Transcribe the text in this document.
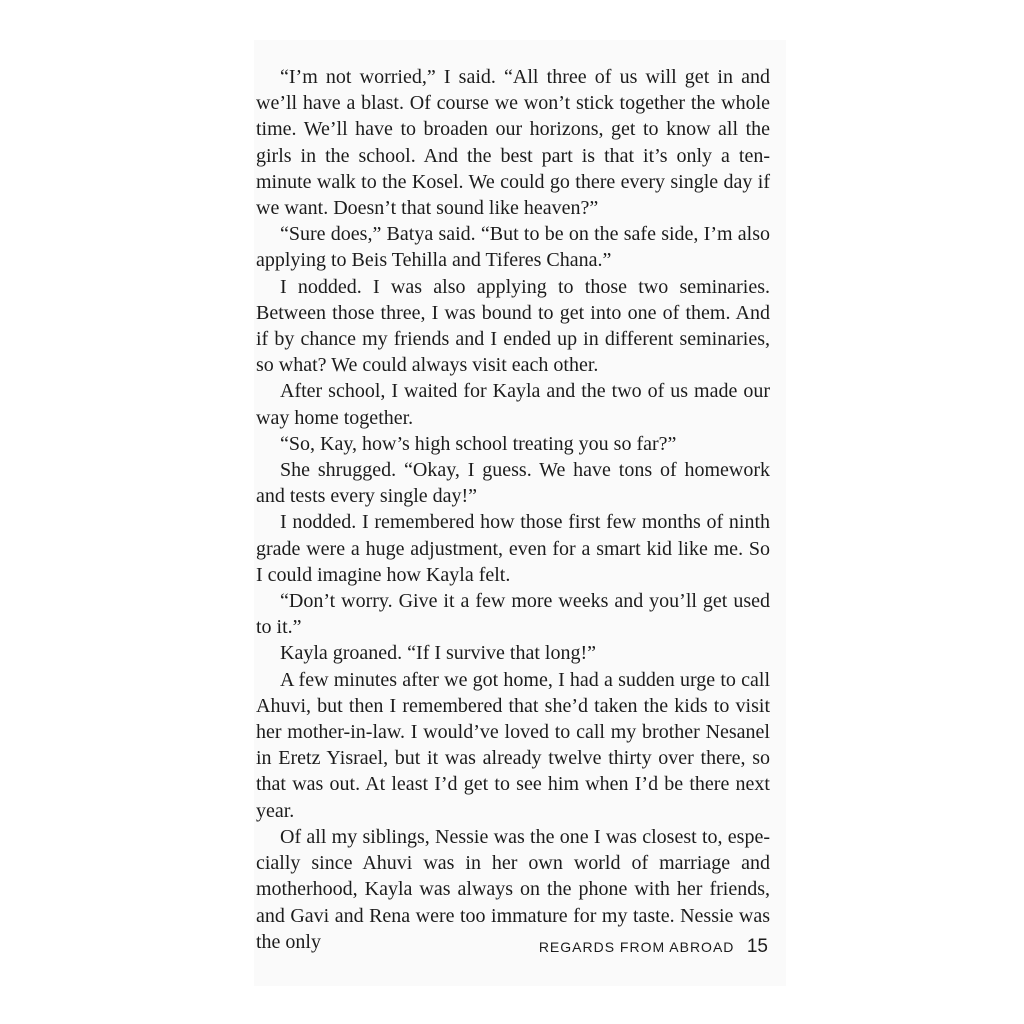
“I’m not worried,” I said. “All three of us will get in and we’ll have a blast. Of course we won’t stick together the whole time. We’ll have to broaden our horizons, get to know all the girls in the school. And the best part is that it’s only a ten-minute walk to the Kosel. We could go there every single day if we want. Doesn’t that sound like heaven?”

“Sure does,” Batya said. “But to be on the safe side, I’m also applying to Beis Tehilla and Tiferes Chana.”

I nodded. I was also applying to those two seminaries. Between those three, I was bound to get into one of them. And if by chance my friends and I ended up in different seminaries, so what? We could always visit each other.

After school, I waited for Kayla and the two of us made our way home together.

“So, Kay, how’s high school treating you so far?”

She shrugged. “Okay, I guess. We have tons of homework and tests every single day!”

I nodded. I remembered how those first few months of ninth grade were a huge adjustment, even for a smart kid like me. So I could imagine how Kayla felt.

“Don’t worry. Give it a few more weeks and you’ll get used to it.”

Kayla groaned. “If I survive that long!”

A few minutes after we got home, I had a sudden urge to call Ahuvi, but then I remembered that she’d taken the kids to visit her mother-in-law. I would’ve loved to call my brother Nesanel in Eretz Yisrael, but it was already twelve thirty over there, so that was out. At least I’d get to see him when I’d be there next year.

Of all my siblings, Nessie was the one I was closest to, especially since Ahuvi was in her own world of marriage and motherhood, Kayla was always on the phone with her friends, and Gavi and Rena were too immature for my taste. Nessie was the only	REGARDS FROM ABROAD 15
